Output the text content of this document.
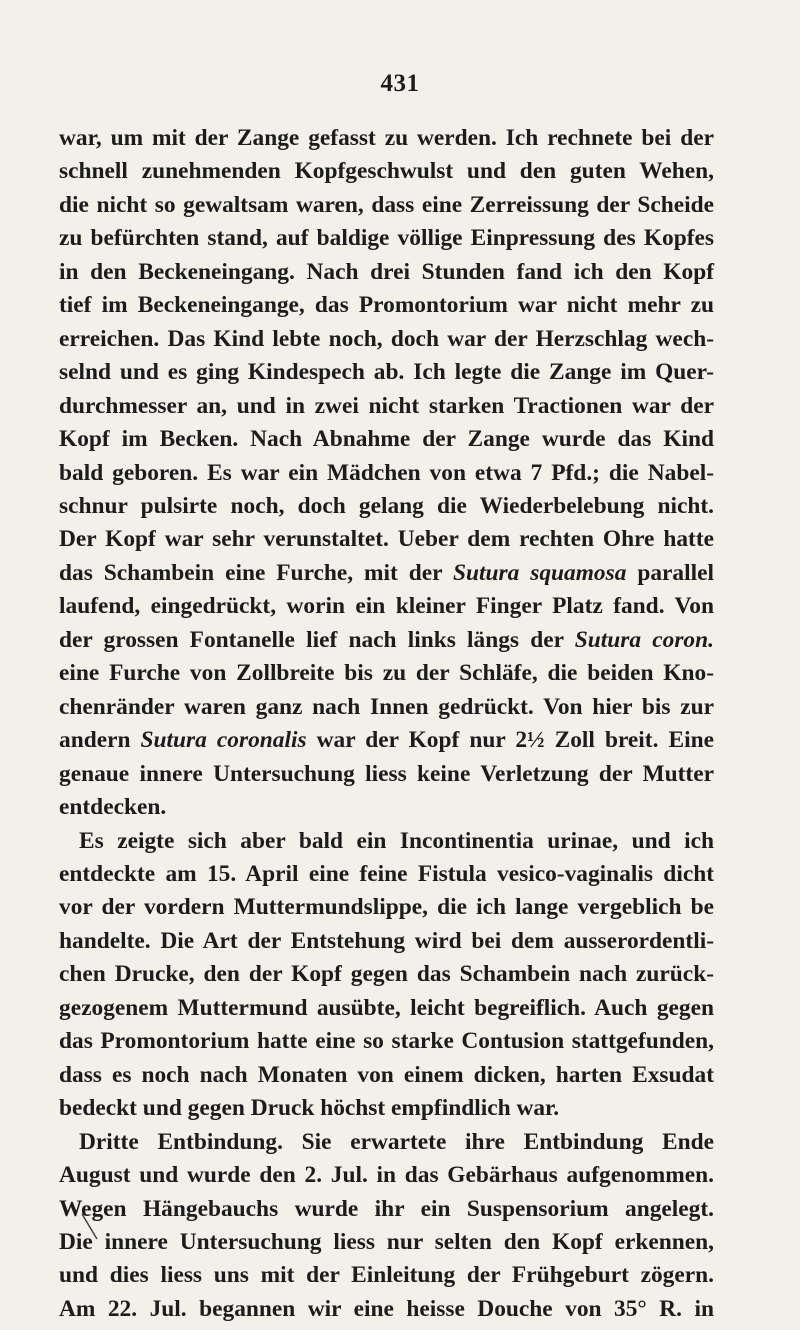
431
war, um mit der Zange gefasst zu werden. Ich rechnete bei der
schnell zunehmenden Kopfgeschwulst und den guten Wehen,
die nicht so gewaltsam waren, dass eine Zerreissung der Scheide
zu befürchten stand, auf baldige völlige Einpressung des Kopfes
in den Beckeneingang. Nach drei Stunden fand ich den Kopf
tief im Beckeneingange, das Promontorium war nicht mehr zu
erreichen. Das Kind lebte noch, doch war der Herzschlag wech-
selnd und es ging Kindespech ab. Ich legte die Zange im Quer-
durchmesser an, und in zwei nicht starken Tractionen war der
Kopf im Becken. Nach Abnahme der Zange wurde das Kind
bald geboren. Es war ein Mädchen von etwa 7 Pfd.; die Nabel-
schnur pulsirte noch, doch gelang die Wiederbelebung nicht.
Der Kopf war sehr verunstaltet. Ueber dem rechten Ohre hatte
das Schambein eine Furche, mit der Sutura squamosa parallel
laufend, eingedrückt, worin ein kleiner Finger Platz fand. Von
der grossen Fontanelle lief nach links längs der Sutura coron.
eine Furche von Zollbreite bis zu der Schläfe, die beiden Kno-
chenränder waren ganz nach Innen gedrückt. Von hier bis zur
andern Sutura coronalis war der Kopf nur 2½ Zoll breit. Eine
genaue innere Untersuchung liess keine Verletzung der Mutter
entdecken.
Es zeigte sich aber bald ein Incontinentia urinae, und ich
entdeckte am 15. April eine feine Fistula vesico-vaginalis dicht
vor der vordern Muttermundslippe, die ich lange vergeblich be
handelte. Die Art der Entstehung wird bei dem ausserordentli-
chen Drucke, den der Kopf gegen das Schambein nach zurück-
gezogenem Muttermund ausübte, leicht begreiflich. Auch gegen
das Promontorium hatte eine so starke Contusion stattgefunden,
dass es noch nach Monaten von einem dicken, harten Exsudat
bedeckt und gegen Druck höchst empfindlich war.
Dritte Entbindung. Sie erwartete ihre Entbindung Ende
August und wurde den 2. Jul. in das Gebärhaus aufgenommen.
Wegen Hängebauchs wurde ihr ein Suspensorium angelegt.
Die innere Untersuchung liess nur selten den Kopf erkennen,
und dies liess uns mit der Einleitung der Frühgeburt zögern.
Am 22. Jul. begannen wir eine heisse Douche von 35° R. in
